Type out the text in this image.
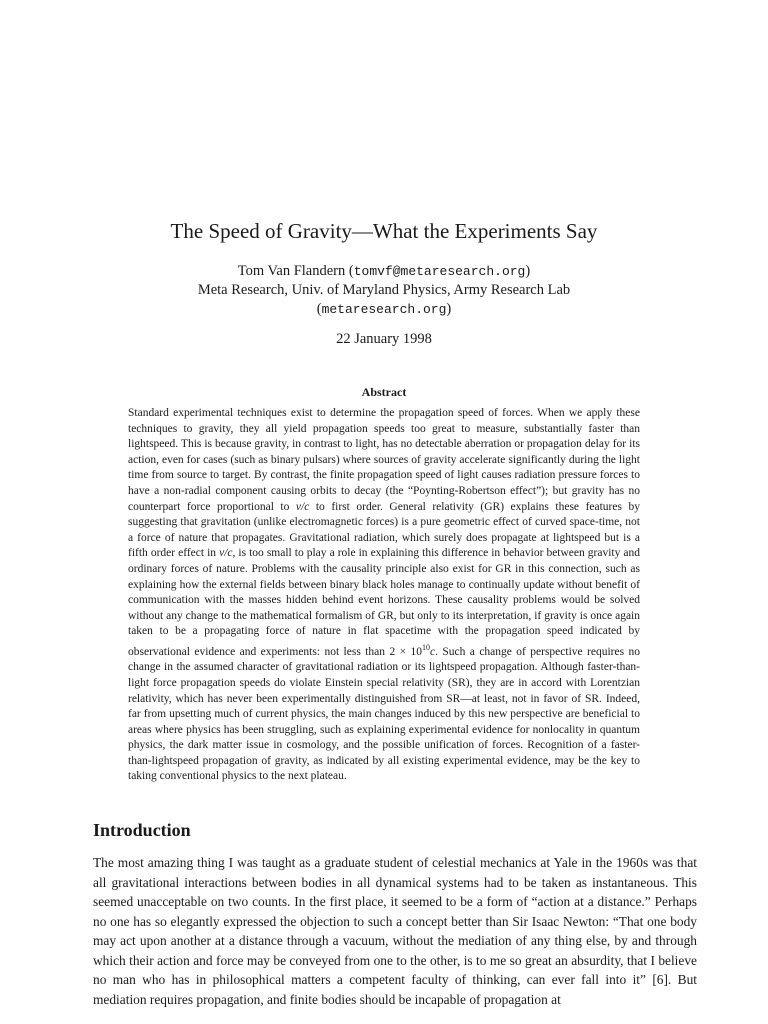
The Speed of Gravity—What the Experiments Say
Tom Van Flandern (tomvf@metaresearch.org)
Meta Research, Univ. of Maryland Physics, Army Research Lab
(metaresearch.org)
22 January 1998
Abstract

Standard experimental techniques exist to determine the propagation speed of forces. When we apply these techniques to gravity, they all yield propagation speeds too great to measure, substantially faster than lightspeed. This is because gravity, in contrast to light, has no detectable aberration or propagation delay for its action, even for cases (such as binary pulsars) where sources of gravity accelerate significantly during the light time from source to target. By contrast, the finite propagation speed of light causes radiation pressure forces to have a non-radial component causing orbits to decay (the “Poynting-Robertson effect”); but gravity has no counterpart force proportional to v/c to first order. General relativity (GR) explains these features by suggesting that gravitation (unlike electromagnetic forces) is a pure geometric effect of curved space-time, not a force of nature that propagates. Gravitational radiation, which surely does propagate at lightspeed but is a fifth order effect in v/c, is too small to play a role in explaining this difference in behavior between gravity and ordinary forces of nature. Problems with the causality principle also exist for GR in this connection, such as explaining how the external fields between binary black holes manage to continually update without benefit of communication with the masses hidden behind event horizons. These causality problems would be solved without any change to the mathematical formalism of GR, but only to its interpretation, if gravity is once again taken to be a propagating force of nature in flat spacetime with the propagation speed indicated by observational evidence and experiments: not less than $2 \times 10^{10}c$. Such a change of perspective requires no change in the assumed character of gravitational radiation or its lightspeed propagation. Although faster-than-light force propagation speeds do violate Einstein special relativity (SR), they are in accord with Lorentzian relativity, which has never been experimentally distinguished from SR—at least, not in favor of SR. Indeed, far from upsetting much of current physics, the main changes induced by this new perspective are beneficial to areas where physics has been struggling, such as explaining experimental evidence for nonlocality in quantum physics, the dark matter issue in cosmology, and the possible unification of forces. Recognition of a faster-than-lightspeed propagation of gravity, as indicated by all existing experimental evidence, may be the key to taking conventional physics to the next plateau.

Introduction

The most amazing thing I was taught as a graduate student of celestial mechanics at Yale in the 1960s was that all gravitational interactions between bodies in all dynamical systems had to be taken as instantaneous. This seemed unacceptable on two counts. In the first place, it seemed to be a form of “action at a distance.” Perhaps no one has so elegantly expressed the objection to such a concept better than Sir Isaac Newton: “That one body may act upon another at a distance through a vacuum, without the mediation of any thing else, by and through which their action and force may be conveyed from one to the other, is to me so great an absurdity, that I believe no man who has in philosophical matters a competent faculty of thinking, can ever fall into it” [6]. But mediation requires propagation, and finite bodies should be incapable of propagation at
